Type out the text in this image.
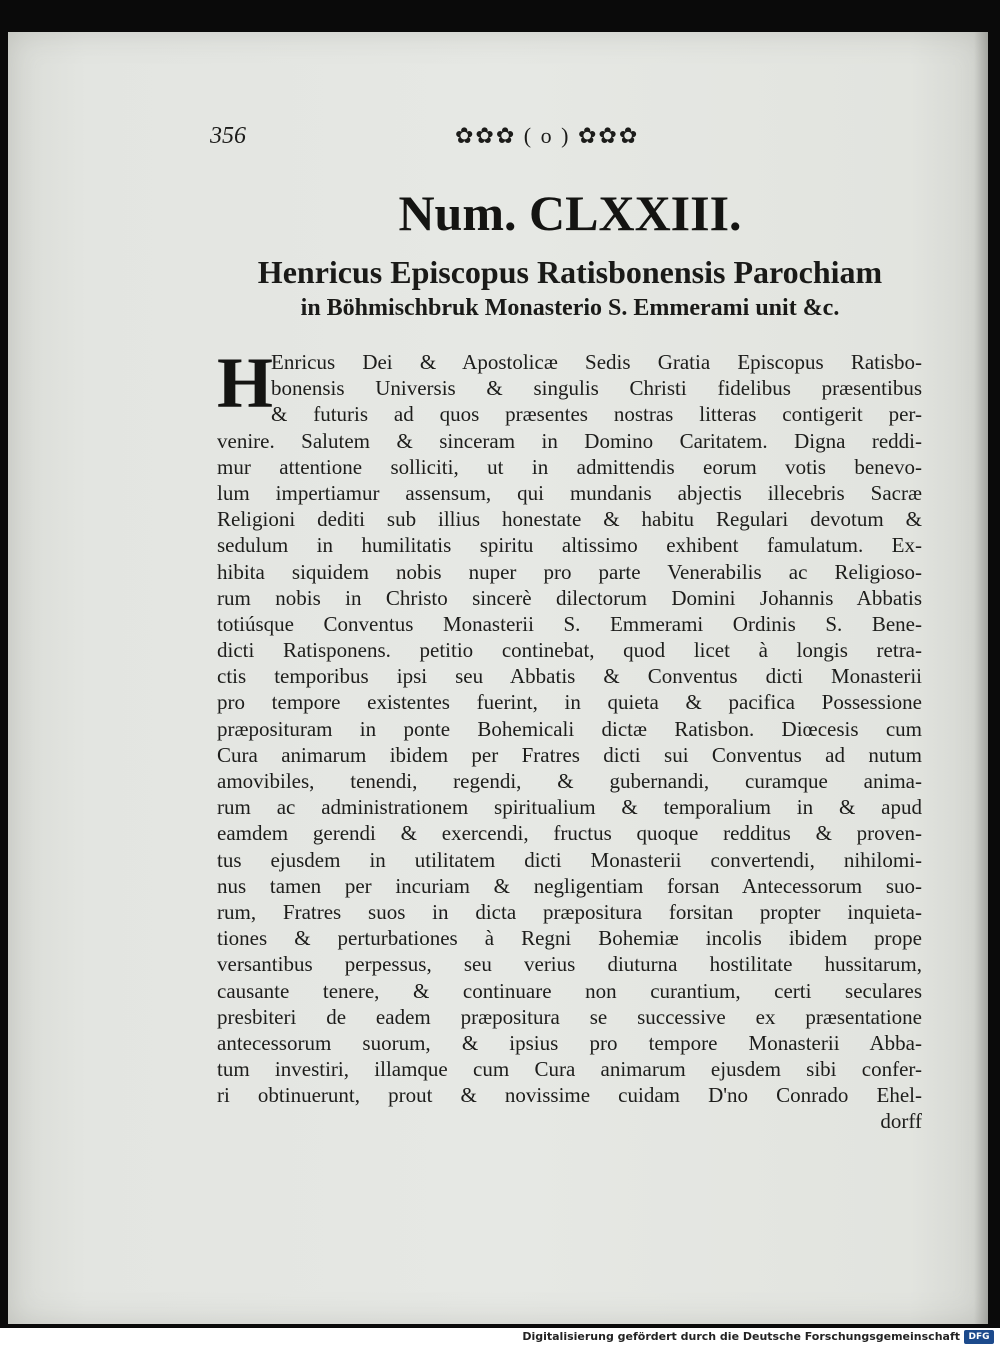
356	✿✿✿ ( o ) ✿✿✿
Num. CLXXIII.
Henricus Episcopus Ratisbonensis Parochiam
in Böhmischbruk Monasterio S. Emmerami unit &c.
H
Enricus Dei & Apostolicæ Sedis Gratia Episcopus Ratisbo-
bonensis Universis & singulis Christi fidelibus præsentibus
& futuris ad quos præsentes nostras litteras contigerit per-
venire. Salutem & sinceram in Domino Caritatem. Digna reddi-
mur attentione solliciti, ut in admittendis eorum votis benevo-
lum impertiamur assensum, qui mundanis abjectis illecebris Sacræ
Religioni dediti sub illius honestate & habitu Regulari devotum &
sedulum in humilitatis spiritu altissimo exhibent famulatum. Ex-
hibita siquidem nobis nuper pro parte Venerabilis ac Religioso-
rum nobis in Christo sincerè dilectorum Domini Johannis Abbatis
totiúsque Conventus Monasterii S. Emmerami Ordinis S. Bene-
dicti Ratisponens. petitio continebat, quod licet à longis retra-
ctis temporibus ipsi seu Abbatis & Conventus dicti Monasterii
pro tempore existentes fuerint, in quieta & pacifica Possessione
præposituram in ponte Bohemicali dictæ Ratisbon. Diœcesis cum
Cura animarum ibidem per Fratres dicti sui Conventus ad nutum
amovibiles, tenendi, regendi, & gubernandi, curamque anima-
rum ac administrationem spiritualium & temporalium in & apud
eamdem gerendi & exercendi, fructus quoque redditus & proven-
tus ejusdem in utilitatem dicti Monasterii convertendi, nihilomi-
nus tamen per incuriam & negligentiam forsan Antecessorum suo-
rum, Fratres suos in dicta præpositura forsitan propter inquieta-
tiones & perturbationes à Regni Bohemiæ incolis ibidem prope
versantibus perpessus, seu verius diuturna hostilitate hussitarum,
causante tenere, & continuare non curantium, certi seculares
presbiteri de eadem præpositura se successive ex præsentatione
antecessorum suorum, & ipsius pro tempore Monasterii Abba-
tum investiri, illamque cum Cura animarum ejusdem sibi confer-
ri obtinuerunt, prout & novissime cuidam D'no Conrado Ehel-
dorff
Digitalisierung gefördert durch die Deutsche Forschungsgemeinschaft DFG
